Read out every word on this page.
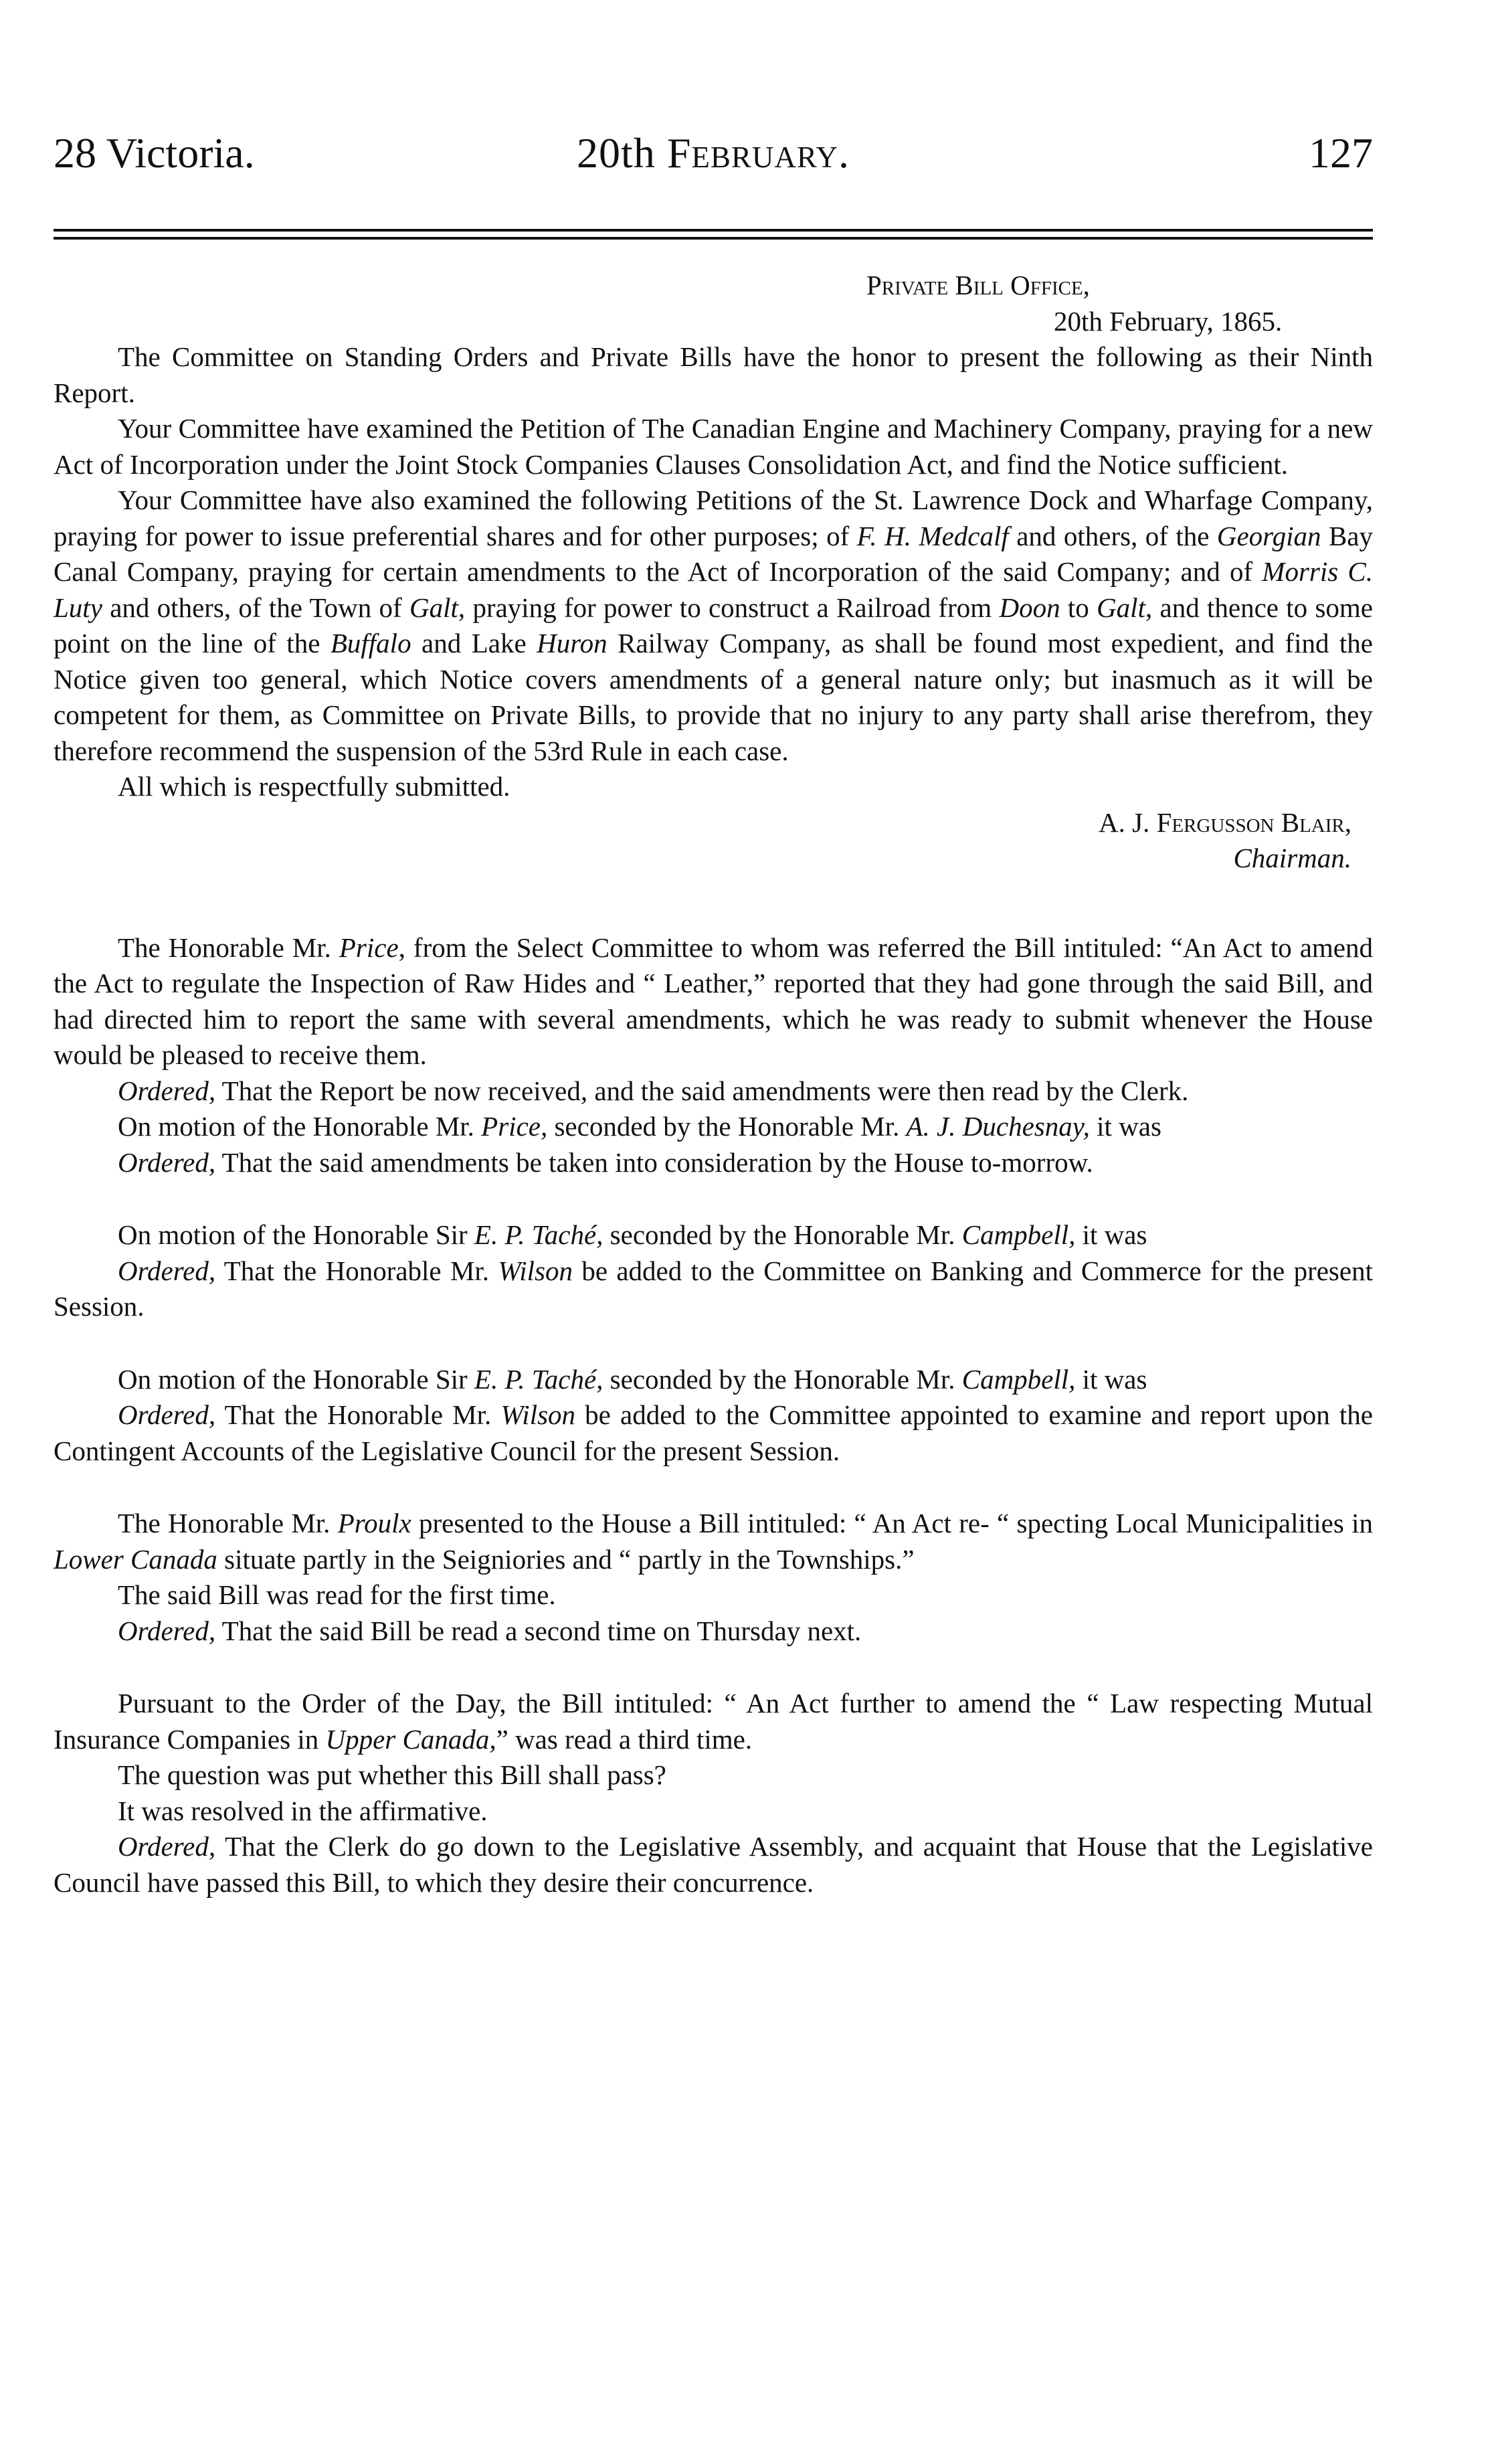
28 Victoria.	20th February.	127
Private Bill Office,
20th February, 1865.

The Committee on Standing Orders and Private Bills have the honor to present the following as their Ninth Report.

Your Committee have examined the Petition of The Canadian Engine and Machinery Company, praying for a new Act of Incorporation under the Joint Stock Companies Clauses Consolidation Act, and find the Notice sufficient.

Your Committee have also examined the following Petitions of the St. Lawrence Dock and Wharfage Company, praying for power to issue preferential shares and for other purposes; of F. H. Medcalf and others, of the Georgian Bay Canal Company, praying for certain amendments to the Act of Incorporation of the said Company; and of Morris C. Luty and others, of the Town of Galt, praying for power to construct a Railroad from Doon to Galt, and thence to some point on the line of the Buffalo and Lake Huron Railway Company, as shall be found most expedient, and find the Notice given too general, which Notice covers amendments of a general nature only; but inasmuch as it will be competent for them, as Committee on Private Bills, to provide that no injury to any party shall arise therefrom, they therefore recommend the suspension of the 53rd Rule in each case.

All which is respectfully submitted.

A. J. Fergusson Blair,
Chairman.

The Honorable Mr. Price, from the Select Committee to whom was referred the Bill intituled: “An Act to amend the Act to regulate the Inspection of Raw Hides and “ Leather,” reported that they had gone through the said Bill, and had directed him to report the same with several amendments, which he was ready to submit whenever the House would be pleased to receive them.

Ordered, That the Report be now received, and the said amendments were then read by the Clerk.

On motion of the Honorable Mr. Price, seconded by the Honorable Mr. A. J. Duchesnay, it was

Ordered, That the said amendments be taken into consideration by the House to-morrow.

On motion of the Honorable Sir E. P. Taché, seconded by the Honorable Mr. Campbell, it was

Ordered, That the Honorable Mr. Wilson be added to the Committee on Banking and Commerce for the present Session.

On motion of the Honorable Sir E. P. Taché, seconded by the Honorable Mr. Campbell, it was

Ordered, That the Honorable Mr. Wilson be added to the Committee appointed to examine and report upon the Contingent Accounts of the Legislative Council for the present Session.

The Honorable Mr. Proulx presented to the House a Bill intituled: “ An Act re- “ specting Local Municipalities in Lower Canada situate partly in the Seigniories and “ partly in the Townships.”

The said Bill was read for the first time.

Ordered, That the said Bill be read a second time on Thursday next.

Pursuant to the Order of the Day, the Bill intituled: “ An Act further to amend the “ Law respecting Mutual Insurance Companies in Upper Canada,” was read a third time.

The question was put whether this Bill shall pass?

It was resolved in the affirmative.

Ordered, That the Clerk do go down to the Legislative Assembly, and acquaint that House that the Legislative Council have passed this Bill, to which they desire their concurrence.
